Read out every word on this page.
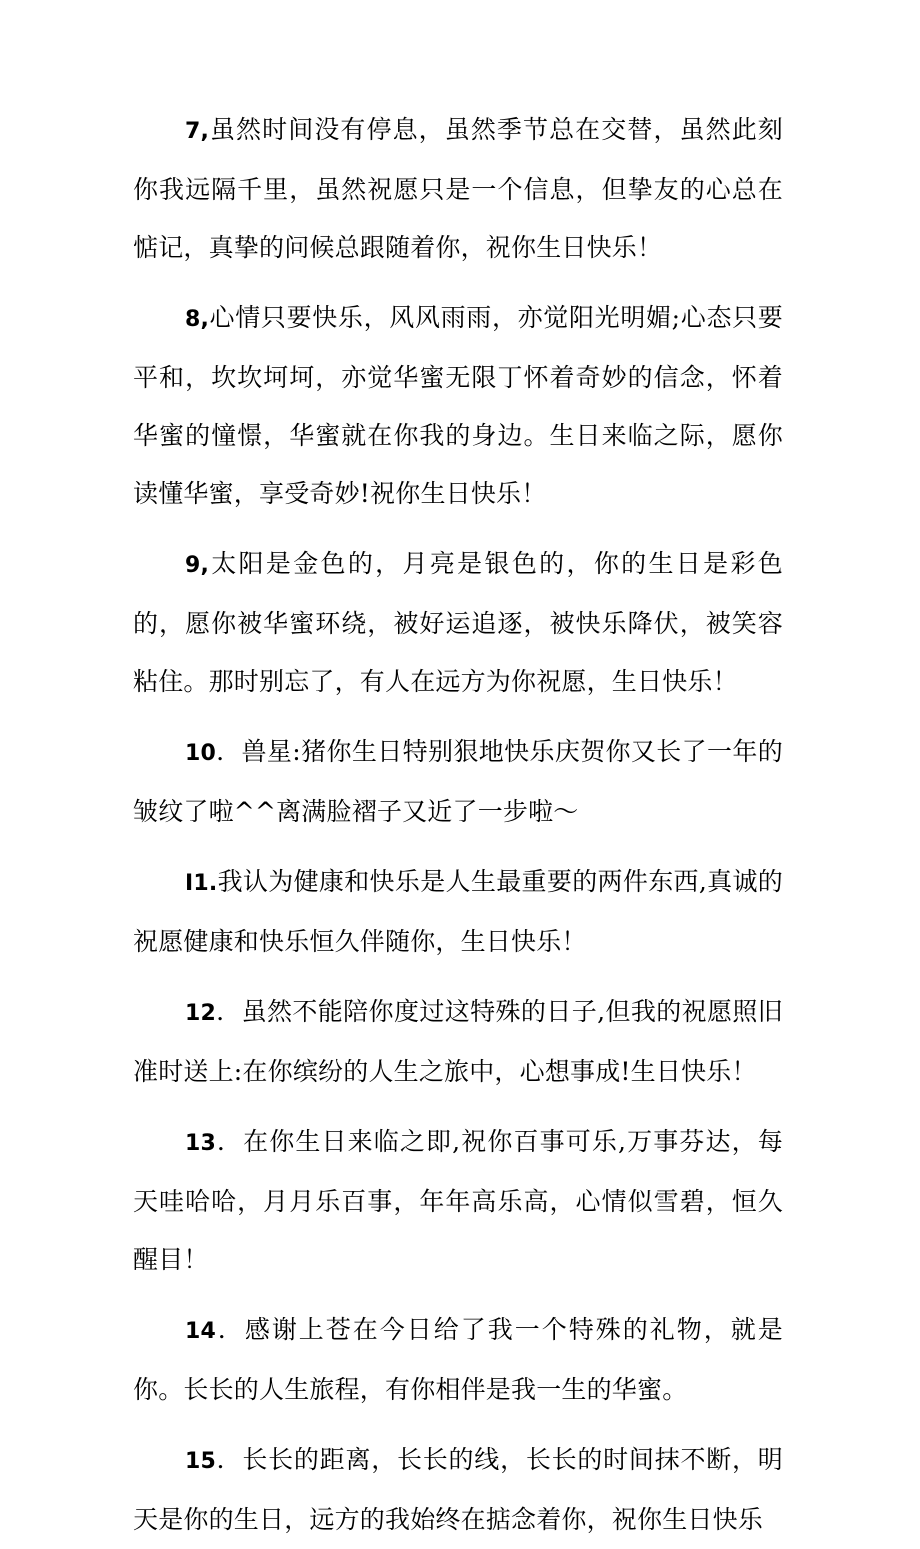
7,虽然时间没有停息，虽然季节总在交替，虽然此刻你我远隔千里，虽然祝愿只是一个信息，但挚友的心总在惦记，真挚的问候总跟随着你，祝你生日快乐！

8,心情只要快乐，风风雨雨，亦觉阳光明媚;心态只要平和，坎坎坷坷，亦觉华蜜无限丁怀着奇妙的信念，怀着华蜜的憧憬，华蜜就在你我的身边。生日来临之际，愿你读懂华蜜，享受奇妙!祝你生日快乐！

9,太阳是金色的，月亮是银色的，你的生日是彩色的，愿你被华蜜环绕，被好运追逐，被快乐降伏，被笑容粘住。那时别忘了，有人在远方为你祝愿，生日快乐！

10．兽星:猪你生日特别狠地快乐庆贺你又长了一年的皱纹了啦^^离满脸褶子又近了一步啦～

I1.我认为健康和快乐是人生最重要的两件东西,真诚的祝愿健康和快乐恒久伴随你，生日快乐！

12．虽然不能陪你度过这特殊的日子,但我的祝愿照旧准时送上:在你缤纷的人生之旅中，心想事成!生日快乐！

13．在你生日来临之即,祝你百事可乐,万事芬达，每天哇哈哈，月月乐百事，年年高乐高，心情似雪碧，恒久醒目！

14．感谢上苍在今日给了我一个特殊的礼物，就是你。长长的人生旅程，有你相伴是我一生的华蜜。

15．长长的距离，长长的线，长长的时间抹不断，明天是你的生日，远方的我始终在掂念着你，祝你生日快乐
